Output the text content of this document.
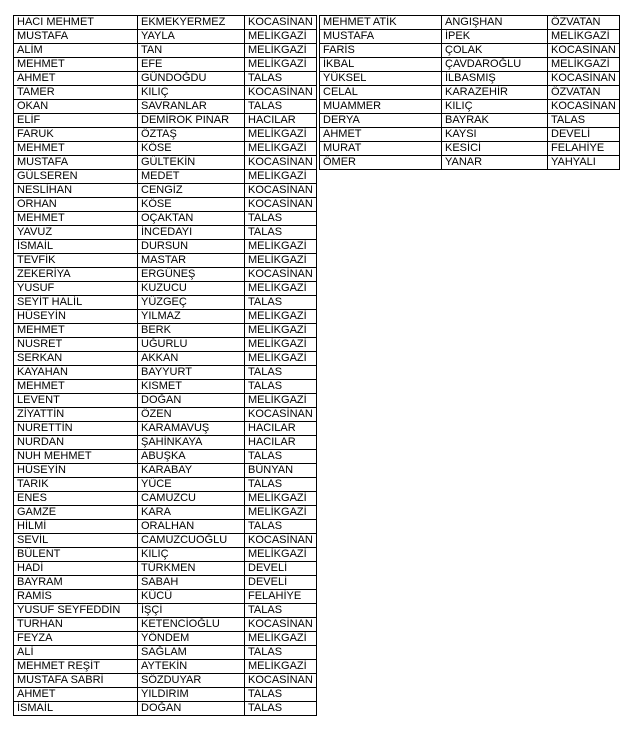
HACI MEHMET	EKMEKYERMEZ	KOCASİNAN
MUSTAFA	YAYLA	MELİKGAZİ
ALİM	TAN	MELİKGAZİ
MEHMET	EFE	MELİKGAZİ
AHMET	GÜNDOĞDU	TALAS
TAMER	KILIÇ	KOCASİNAN
OKAN	SAVRANLAR	TALAS
ELİF	DEMİROK PINAR	HACILAR
FARUK	ÖZTAŞ	MELİKGAZİ
MEHMET	KÖSE	MELİKGAZİ
MUSTAFA	GÜLTEKİN	KOCASİNAN
GÜLSEREN	MEDET	MELİKGAZİ
NESLİHAN	CENGİZ	KOCASİNAN
ORHAN	KÖSE	KOCASİNAN
MEHMET	OÇAKTAN	TALAS
YAVUZ	İNCEDAYI	TALAS
İSMAİL	DURSUN	MELİKGAZİ
TEVFİK	MASTAR	MELİKGAZİ
ZEKERİYA	ERGÜNEŞ	KOCASİNAN
YUSUF	KUZUCU	MELİKGAZİ
SEYİT HALİL	YÜZGEÇ	TALAS
HÜSEYİN	YILMAZ	MELİKGAZİ
MEHMET	BERK	MELİKGAZİ
NUSRET	UĞURLU	MELİKGAZİ
SERKAN	AKKAN	MELİKGAZİ
KAYAHAN	BAYYURT	TALAS
MEHMET	KISMET	TALAS
LEVENT	DOĞAN	MELİKGAZİ
ZİYATTİN	ÖZEN	KOCASİNAN
NURETTİN	KARAMAVUŞ	HACILAR
NURDAN	ŞAHİNKAYA	HACILAR
NUH MEHMET	ABUŞKA	TALAS
HÜSEYİN	KARABAY	BÜNYAN
TARIK	YÜCE	TALAS
ENES	CAMUZCU	MELİKGAZİ
GAMZE	KARA	MELİKGAZİ
HİLMİ	ORALHAN	TALAS
SEVİL	CAMUZCUOĞLU	KOCASİNAN
BÜLENT	KILIÇ	MELİKGAZİ
HADİ	TÜRKMEN	DEVELİ
BAYRAM	SABAH	DEVELİ
RAMİS	KÜCÜ	FELAHİYE
YUSUF SEYFEDDİN	İŞÇİ	TALAS
TURHAN	KETENCİOĞLU	KOCASİNAN
FEYZA	YÖNDEM	MELİKGAZİ
ALİ	SAĞLAM	TALAS
MEHMET REŞİT	AYTEKİN	MELİKGAZİ
MUSTAFA SABRİ	SÖZDUYAR	KOCASİNAN
AHMET	YILDIRIM	TALAS
İSMAİL	DOĞAN	TALAS
MEHMET ATİK	ANGIŞHAN	ÖZVATAN
MUSTAFA	İPEK	MELİKGAZİ
FARİS	ÇOLAK	KOCASİNAN
İKBAL	ÇAVDAROĞLU	MELİKGAZİ
YÜKSEL	İLBASMIŞ	KOCASİNAN
CELAL	KARAZEHİR	ÖZVATAN
MUAMMER	KILIÇ	KOCASİNAN
DERYA	BAYRAK	TALAS
AHMET	KAYSI	DEVELİ
MURAT	KESİCİ	FELAHİYE
ÖMER	YANAR	YAHYALI
